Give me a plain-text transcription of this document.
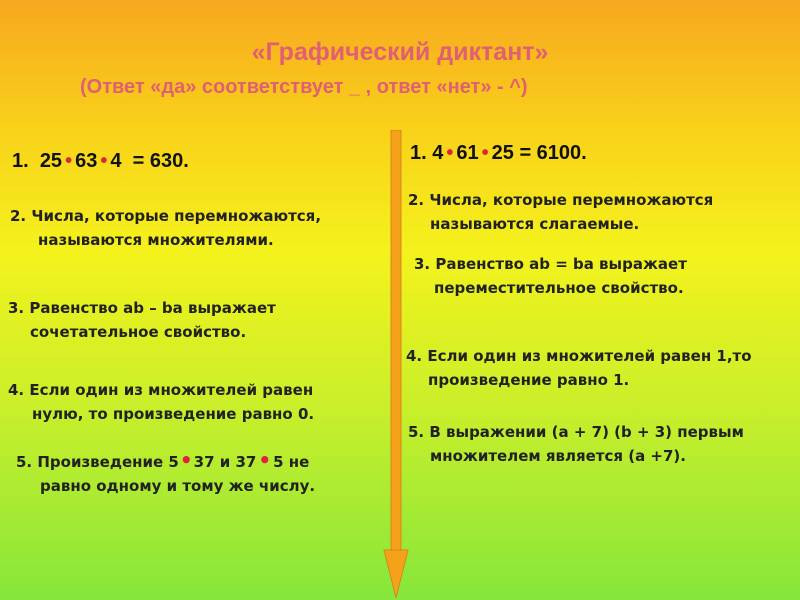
«Графический диктант»
(Ответ «да» соответствует _ , ответ «нет» - ^)
1. 25 • 63 • 4 = 630.
2. Числа, которые перемножаются,
называются множителями.
3. Равенство ab – ba выражает
сочетательное свойство.
4. Если один из множителей равен
нулю, то произведение равно 0.
5. Произведение 5•37 и 37 • 5 не
равно одному и тому же числу.
1. 4 • 61 • 25 = 6100.
2. Числа, которые перемножаются
называются слагаемые.
3. Равенство ab = ba выражает
переместительное свойство.
4. Если один из множителей равен 1,то
произведение равно 1.
5. В выражении (a + 7) (b + 3) первым
множителем является (a +7).
